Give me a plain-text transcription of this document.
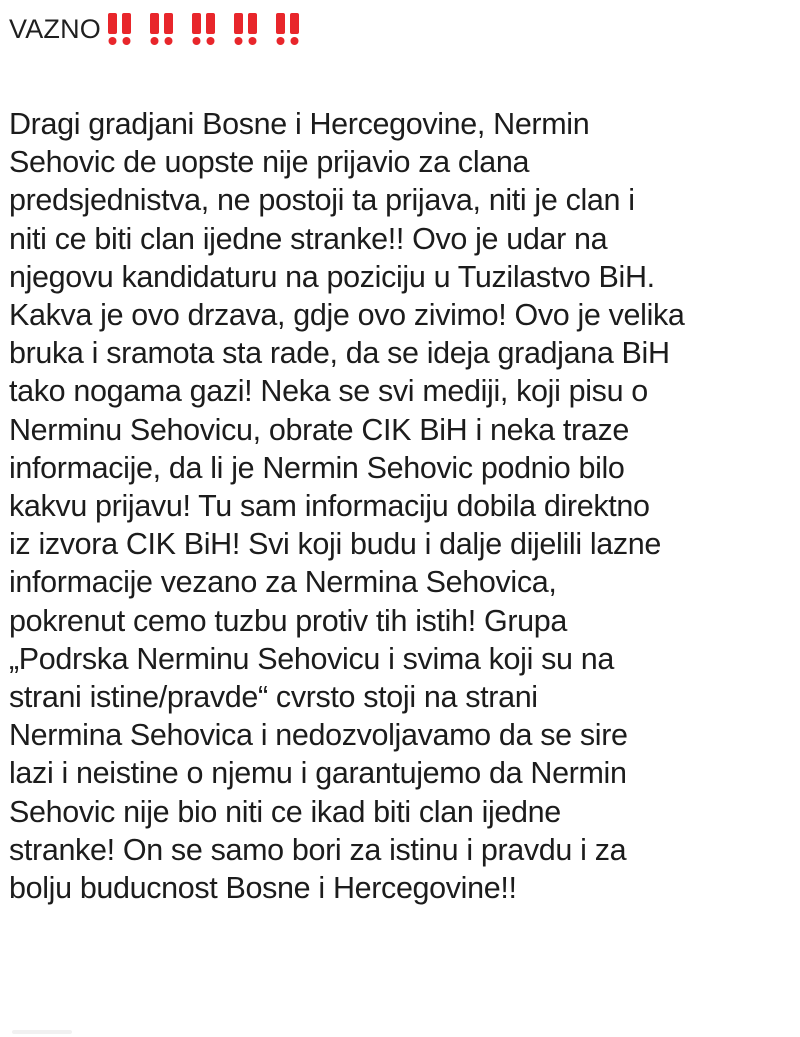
VAZNO
Dragi gradjani Bosne i Hercegovine, Nermin
Sehovic de uopste nije prijavio za clana
predsjednistva, ne postoji ta prijava, niti je clan i
niti ce biti clan ijedne stranke!! Ovo je udar na
njegovu kandidaturu na poziciju u Tuzilastvo BiH.
Kakva je ovo drzava, gdje ovo zivimo! Ovo je velika
bruka i sramota sta rade, da se ideja gradjana BiH
tako nogama gazi! Neka se svi mediji, koji pisu o
Nerminu Sehovicu, obrate CIK BiH i neka traze
informacije, da li je Nermin Sehovic podnio bilo
kakvu prijavu! Tu sam informaciju dobila direktno
iz izvora CIK BiH! Svi koji budu i dalje dijelili lazne
informacije vezano za Nermina Sehovica,
pokrenut cemo tuzbu protiv tih istih! Grupa
„Podrska Nerminu Sehovicu i svima koji su na
strani istine/pravde“ cvrsto stoji na strani
Nermina Sehovica i nedozvoljavamo da se sire
lazi i neistine o njemu i garantujemo da Nermin
Sehovic nije bio niti ce ikad biti clan ijedne
stranke! On se samo bori za istinu i pravdu i za
bolju buducnost Bosne i Hercegovine!!
